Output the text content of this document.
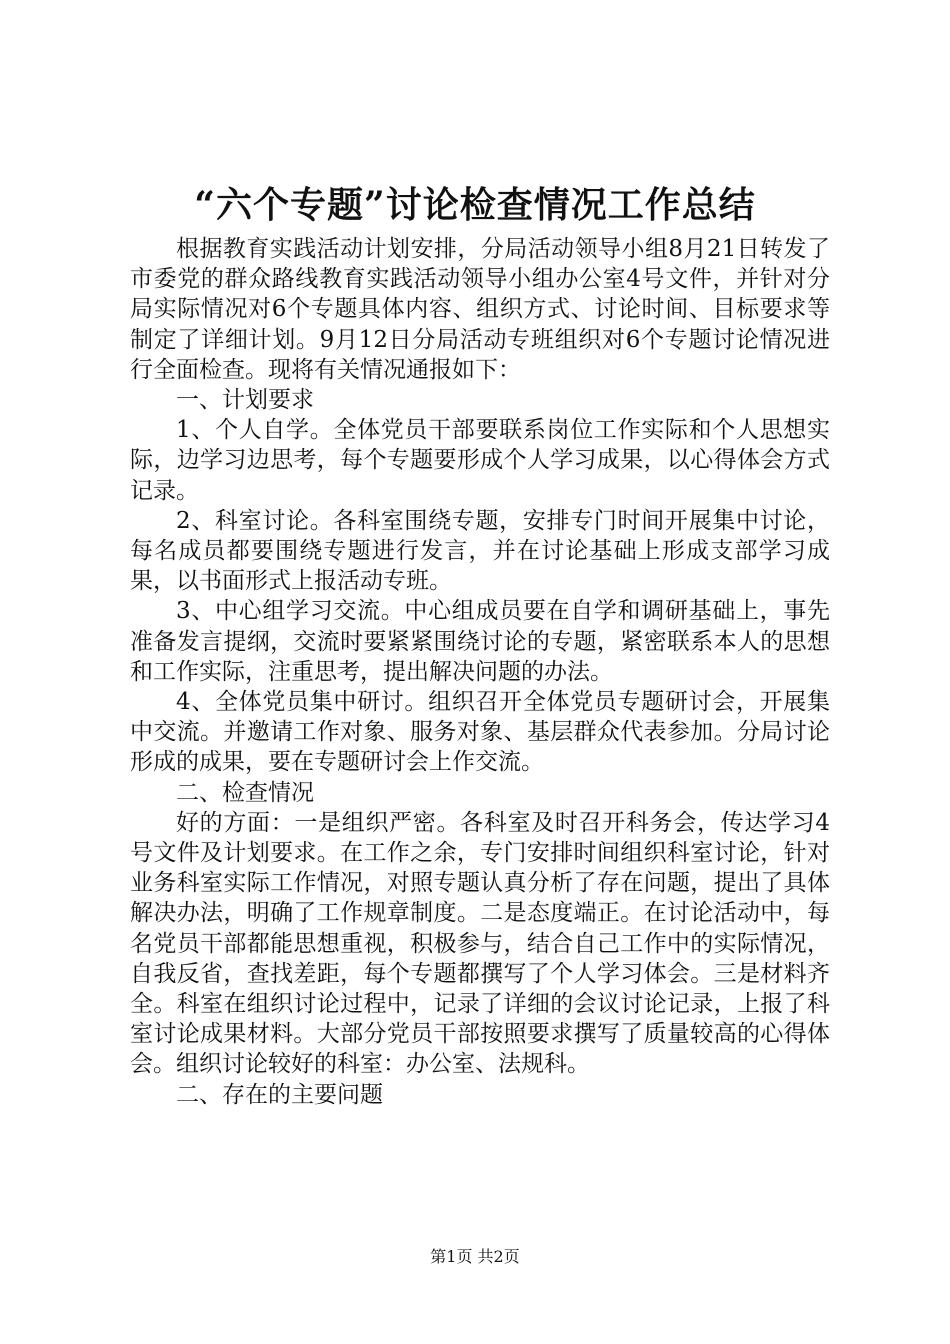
“六个专题”讨论检查情况工作总结

根据教育实践活动计划安排，分局活动领导小组8月21日转发了市委党的群众路线教育实践活动领导小组办公室4号文件，并针对分局实际情况对6个专题具体内容、组织方式、讨论时间、目标要求等制定了详细计划。9月12日分局活动专班组织对6个专题讨论情况进行全面检查。现将有关情况通报如下：

一、计划要求

1、个人自学。全体党员干部要联系岗位工作实际和个人思想实际，边学习边思考，每个专题要形成个人学习成果，以心得体会方式记录。

2、科室讨论。各科室围绕专题，安排专门时间开展集中讨论，每名成员都要围绕专题进行发言，并在讨论基础上形成支部学习成果，以书面形式上报活动专班。

3、中心组学习交流。中心组成员要在自学和调研基础上，事先准备发言提纲，交流时要紧紧围绕讨论的专题，紧密联系本人的思想和工作实际，注重思考，提出解决问题的办法。

4、全体党员集中研讨。组织召开全体党员专题研讨会，开展集中交流。并邀请工作对象、服务对象、基层群众代表参加。分局讨论形成的成果，要在专题研讨会上作交流。

二、检查情况

好的方面：一是组织严密。各科室及时召开科务会，传达学习4号文件及计划要求。在工作之余，专门安排时间组织科室讨论，针对业务科室实际工作情况，对照专题认真分析了存在问题，提出了具体解决办法，明确了工作规章制度。二是态度端正。在讨论活动中，每名党员干部都能思想重视，积极参与，结合自己工作中的实际情况，自我反省，查找差距，每个专题都撰写了个人学习体会。三是材料齐全。科室在组织讨论过程中，记录了详细的会议讨论记录，上报了科室讨论成果材料。大部分党员干部按照要求撰写了质量较高的心得体会。组织讨论较好的科室：办公室、法规科。

二、存在的主要问题

第1页 共2页
